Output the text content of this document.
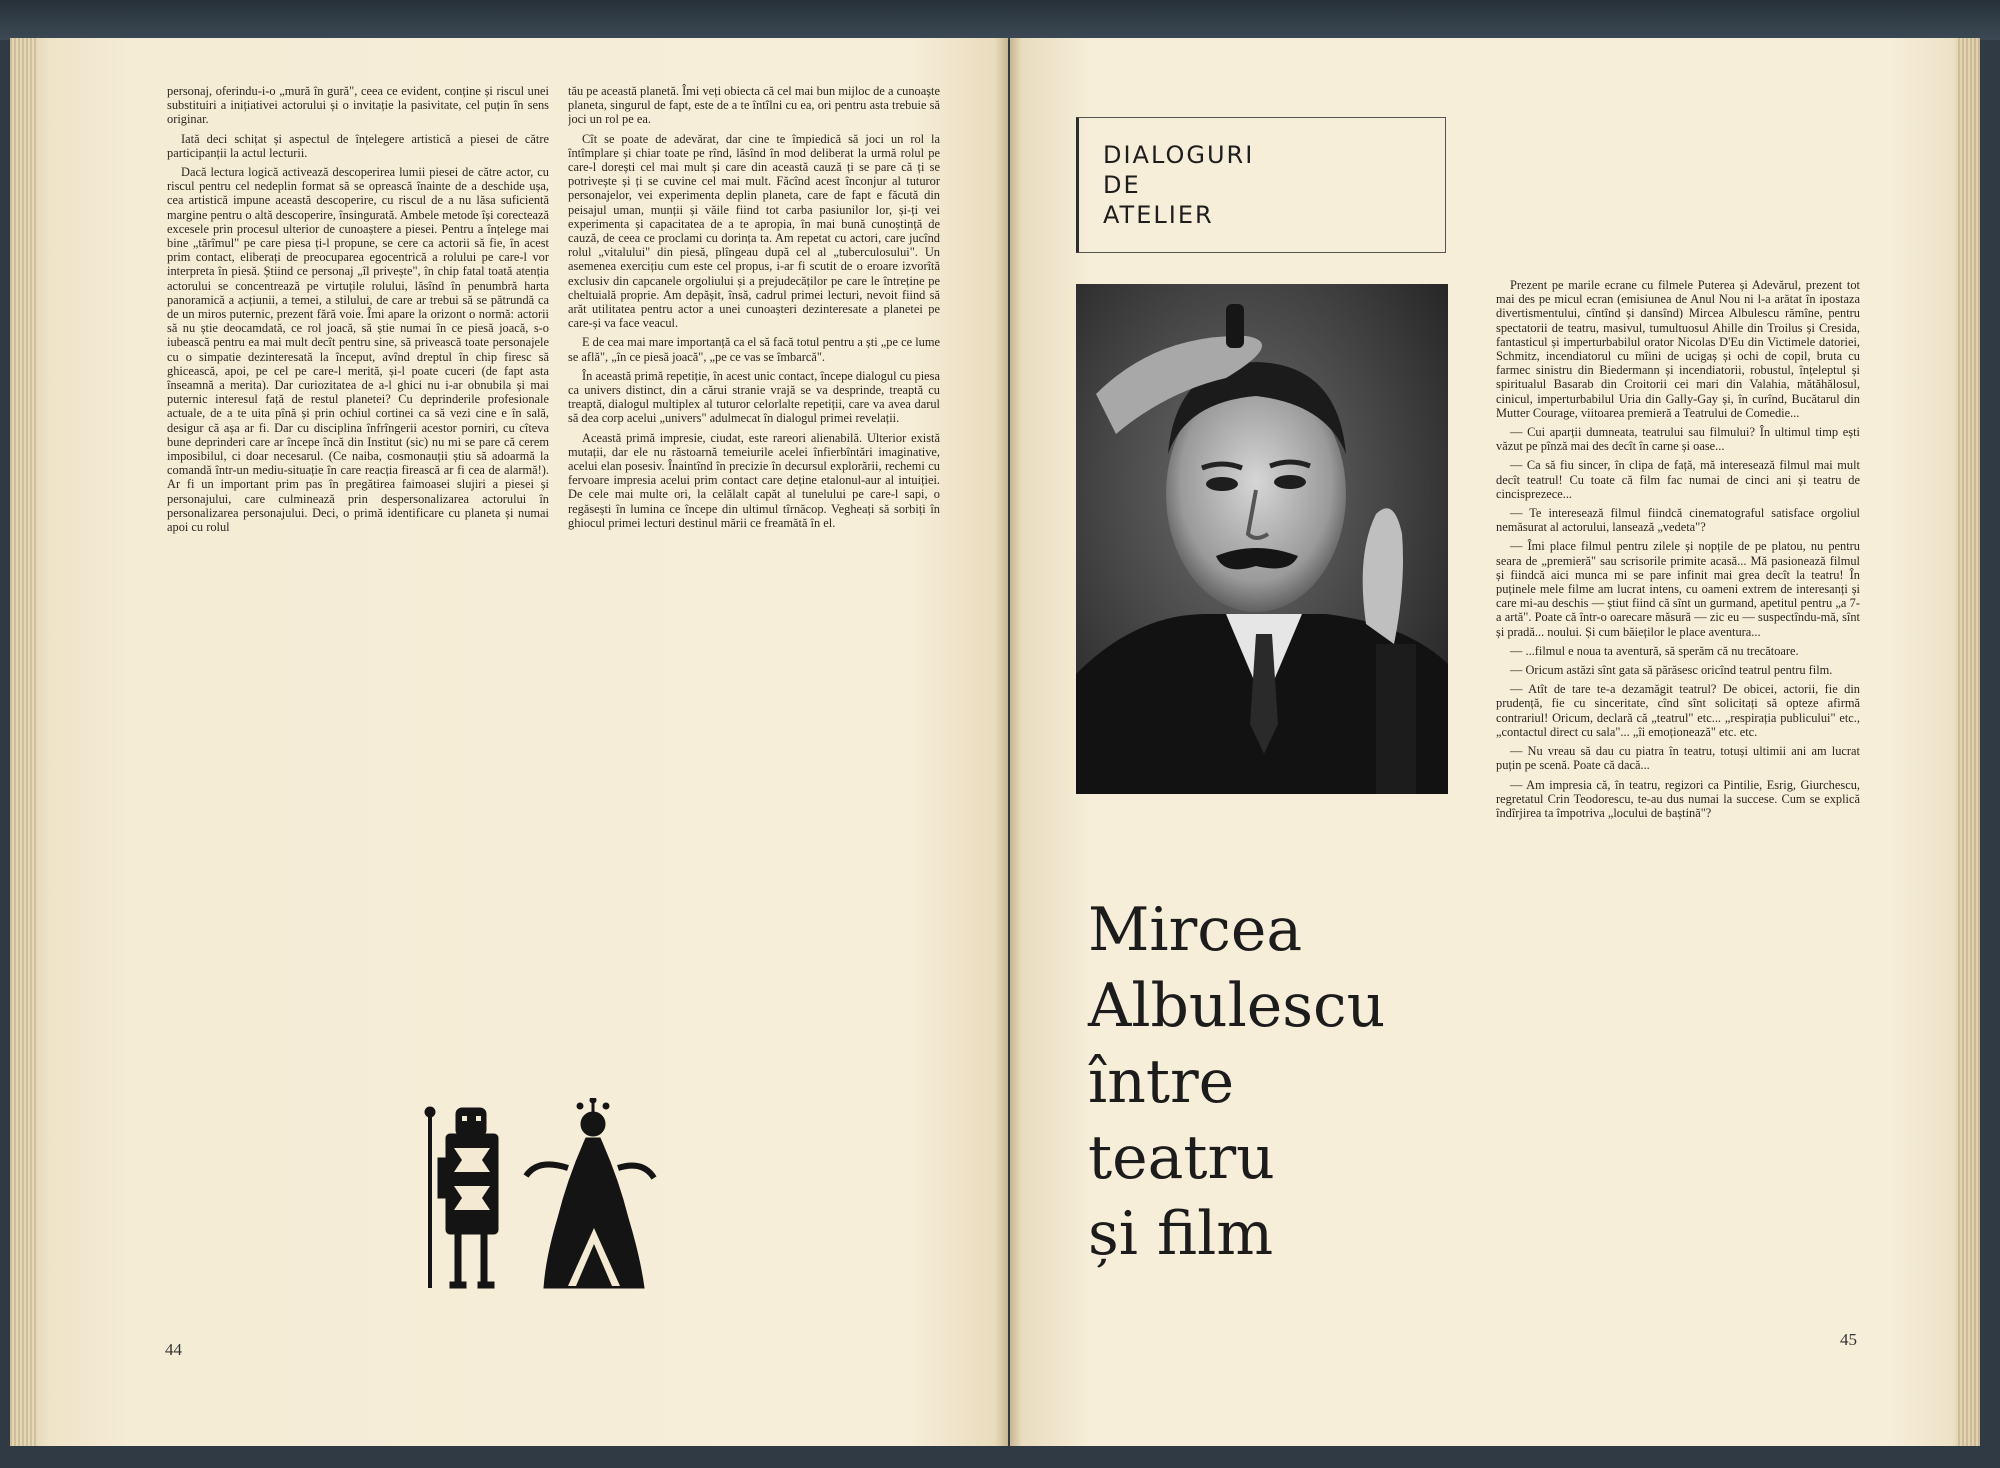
personaj, oferindu-i-o „mură în gură", ceea ce evident, conține și riscul unei substituiri a inițiativei actorului și o invitație la pasivitate, cel puțin în sens originar.

Iată deci schițat și aspectul de înțelegere artistică a piesei de către participanții la actul lecturii.

Dacă lectura logică activează descoperirea lumii piesei de către actor, cu riscul pentru cel nedeplin format să se oprească înainte de a deschide ușa, cea artistică impune această descoperire, cu riscul de a nu lăsa suficientă margine pentru o altă descoperire, însingurată. Ambele metode își corectează excesele prin procesul ulterior de cunoaștere a piesei. Pentru a înțelege mai bine „tărîmul" pe care piesa ți-l propune, se cere ca actorii să fie, în acest prim contact, eliberați de preocuparea egocentrică a rolului pe care-l vor interpreta în piesă. Știind ce personaj „îl privește", în chip fatal toată atenția actorului se concentrează pe virtuțile rolului, lăsînd în penumbră harta panoramică a acțiunii, a temei, a stilului, de care ar trebui să se pătrundă ca de un miros puternic, prezent fără voie. Îmi apare la orizont o normă: actorii să nu știe deocamdată, ce rol joacă, să știe numai în ce piesă joacă, s-o iubească pentru ea mai mult decît pentru sine, să privească toate personajele cu o simpatie dezinteresată la început, avînd dreptul în chip firesc să ghicească, apoi, pe cel pe care-l merită, și-l poate cuceri (de fapt asta înseamnă a merita). Dar curiozitatea de a-l ghici nu i-ar obnubila și mai puternic interesul față de restul planetei? Cu deprinderile profesionale actuale, de a te uita pînă și prin ochiul cortinei ca să vezi cine e în sală, desigur că așa ar fi. Dar cu disciplina înfrîngerii acestor porniri, cu cîteva bune deprinderi care ar începe încă din Institut (sic) nu mi se pare că cerem imposibilul, ci doar necesarul. (Ce naiba, cosmonauții știu să adoarmă la comandă într-un mediu-situație în care reacția firească ar fi cea de alarmă!). Ar fi un important prim pas în pregătirea faimoasei slujiri a piesei și personajului, care culminează prin despersonalizarea actorului în personalizarea personajului. Deci, o primă identificare cu planeta și numai apoi cu rolul

tău pe această planetă. Îmi veți obiecta că cel mai bun mijloc de a cunoaște planeta, singurul de fapt, este de a te întîlni cu ea, ori pentru asta trebuie să joci un rol pe ea.

Cît se poate de adevărat, dar cine te împiedică să joci un rol la întîmplare și chiar toate pe rînd, lăsînd în mod deliberat la urmă rolul pe care-l dorești cel mai mult și care din această cauză ți se pare că ți se potrivește și ți se cuvine cel mai mult. Făcînd acest înconjur al tuturor personajelor, vei experimenta deplin planeta, care de fapt e făcută din peisajul uman, munții și văile fiind tot carba pasiunilor lor, și-ți vei experimenta și capacitatea de a te apropia, în mai bună cunoștință de cauză, de ceea ce proclami cu dorința ta. Am repetat cu actori, care jucînd rolul „vitalului" din piesă, plîngeau după cel al „tuberculosului". Un asemenea exercițiu cum este cel propus, i-ar fi scutit de o eroare izvorîtă exclusiv din capcanele orgoliului și a prejudecăților pe care le întreține pe cheltuială proprie. Am depășit, însă, cadrul primei lecturi, nevoit fiind să arăt utilitatea pentru actor a unei cunoașteri dezinteresate a planetei pe care-și va face veacul.

E de cea mai mare importanță ca el să facă totul pentru a ști „pe ce lume se află", „în ce piesă joacă", „pe ce vas se îmbarcă".

În această primă repetiție, în acest unic contact, începe dialogul cu piesa ca univers distinct, din a cărui stranie vrajă se va desprinde, treaptă cu treaptă, dialogul multiplex al tuturor celorlalte repetiții, care va avea darul să dea corp acelui „univers" adulmecat în dialogul primei revelații.

Această primă impresie, ciudat, este rareori alienabilă. Ulterior există mutații, dar ele nu răstoarnă temeiurile acelei înfierbîntări imaginative, acelui elan posesiv. Înaintînd în precizie în decursul explorării, rechemi cu fervoare impresia acelui prim contact care deține etalonul-aur al intuiției. De cele mai multe ori, la celălalt capăt al tunelului pe care-l sapi, o regăsești în lumina ce începe din ultimul tîrnăcop. Vegheați să sorbiți în ghiocul primei lecturi destinul mării ce freamătă în el.

44
DIALOGURI
DE
ATELIER
Mircea
Albulescu
între
teatru
și film

Prezent pe marile ecrane cu filmele Puterea și Adevărul, prezent tot mai des pe micul ecran (emisiunea de Anul Nou ni l-a arătat în ipostaza divertismentului, cîntînd și dansînd) Mircea Albulescu rămîne, pentru spectatorii de teatru, masivul, tumultuosul Ahille din Troilus și Cresida, fantasticul și imperturbabilul orator Nicolas D'Eu din Victimele datoriei, Schmitz, incendiatorul cu mîini de ucigaș și ochi de copil, bruta cu farmec sinistru din Biedermann și incendiatorii, robustul, înțeleptul și spiritualul Basarab din Croitorii cei mari din Valahia, mătăhălosul, cinicul, imperturbabilul Uria din Gally-Gay și, în curînd, Bucătarul din Mutter Courage, viitoarea premieră a Teatrului de Comedie...

— Cui aparții dumneata, teatrului sau filmului? În ultimul timp ești văzut pe pînză mai des decît în carne și oase...

— Ca să fiu sincer, în clipa de față, mă interesează filmul mai mult decît teatrul! Cu toate că film fac numai de cinci ani și teatru de cincisprezece...

— Te interesează filmul fiindcă cinematograful satisface orgoliul nemăsurat al actorului, lansează „vedeta"?

— Îmi place filmul pentru zilele și nopțile de pe platou, nu pentru seara de „premieră" sau scrisorile primite acasă... Mă pasionează filmul și fiindcă aici munca mi se pare infinit mai grea decît la teatru! În puținele mele filme am lucrat intens, cu oameni extrem de interesanți și care mi-au deschis — știut fiind că sînt un gurmand, apetitul pentru „a 7-a artă". Poate că într-o oarecare măsură — zic eu — suspectîndu-mă, sînt și pradă... noului. Și cum băieților le place aventura...

— ...filmul e noua ta aventură, să sperăm că nu trecătoare.

— Oricum astăzi sînt gata să părăsesc oricînd teatrul pentru film.

— Atît de tare te-a dezamăgit teatrul? De obicei, actorii, fie din prudență, fie cu sinceritate, cînd sînt solicitați să opteze afirmă contrariul! Oricum, declară că „teatrul" etc... „respirația publicului" etc., „contactul direct cu sala"... „îi emoționează" etc. etc.

— Nu vreau să dau cu piatra în teatru, totuși ultimii ani am lucrat puțin pe scenă. Poate că dacă...

— Am impresia că, în teatru, regizori ca Pintilie, Esrig, Giurchescu, regretatul Crin Teodorescu, te-au dus numai la succese. Cum se explică îndîrjirea ta împotriva „locului de baștină"?

45
